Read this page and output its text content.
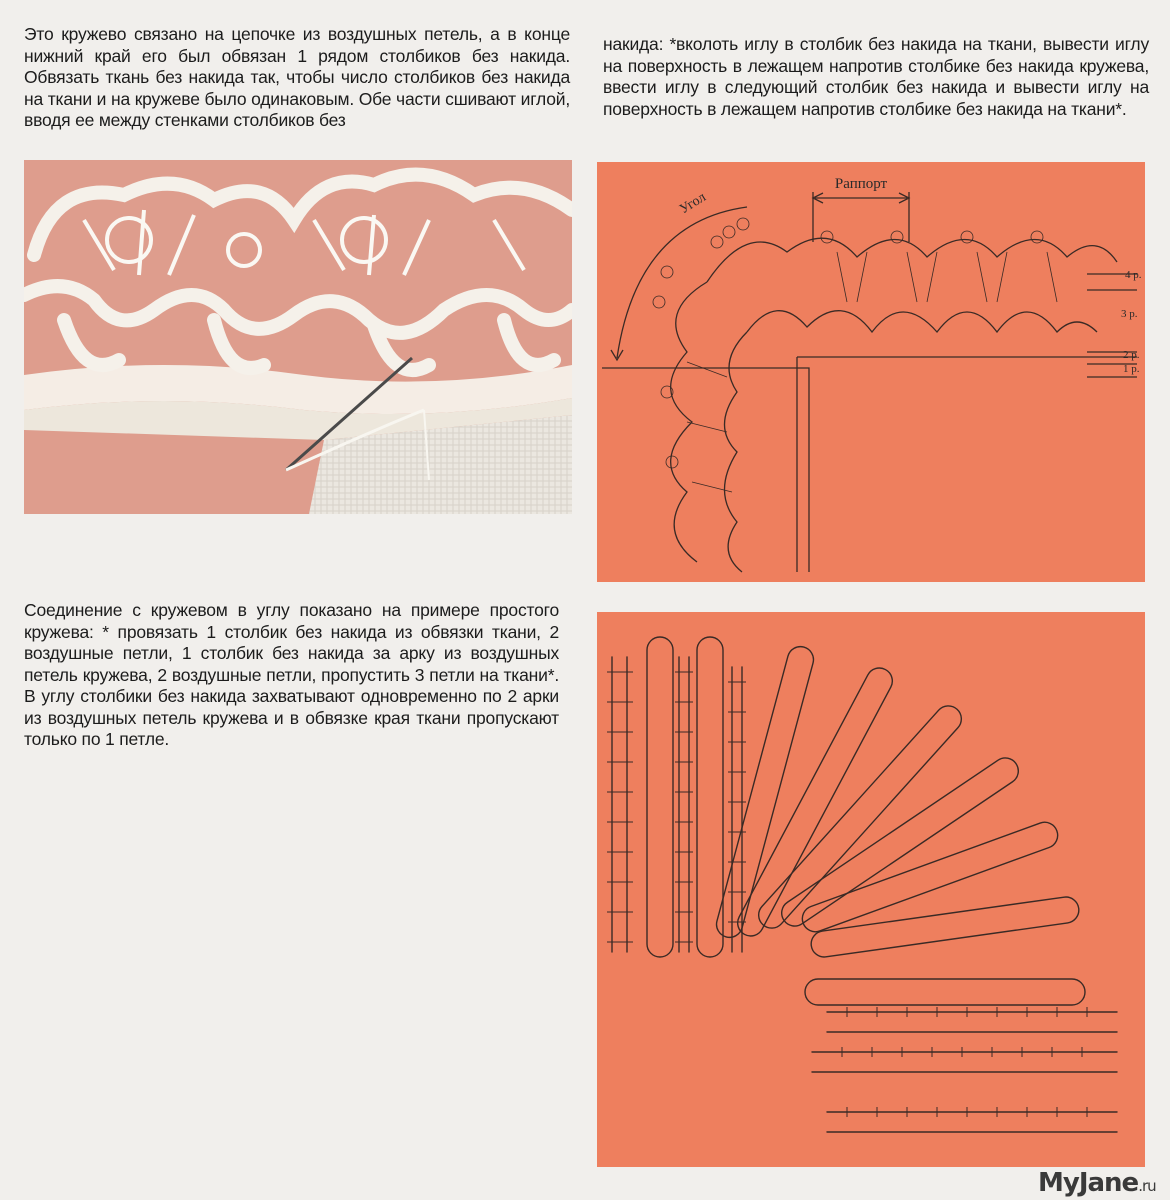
Это кружево связано на цепочке из воздушных петель, а в конце нижний край его был обвязан 1 рядом столбиков без накида. Обвязать ткань без накида так, чтобы число столбиков без накида на ткани и на кружеве было одинаковым. Обе части сшивают иглой, вводя ее между стенками столбиков без

накида: *вколоть иглу в столбик без накида на ткани, вывести иглу на поверхность в лежащем напротив столбике без накида кружева, ввести иглу в следующий столбик без накида и вывести иглу на поверхность в лежащем напротив столбике без накида на ткани*.

Соединение с кружевом в углу показано на примере простого кружева: * провязать 1 столбик без накида из обвязки ткани, 2 воздушные петли, 1 столбик без накида за арку из воздушных петель кружева, 2 воздушные петли, пропустить 3 петли на ткани*. В углу столбики без накида захватывают одновременно по 2 арки из воздушных петель кружева и в обвязке края ткани пропускают только по 1 петле.

Раппорт
Угол
4 р.
3 р.
2 р.
1 р.
MyJane.ru
